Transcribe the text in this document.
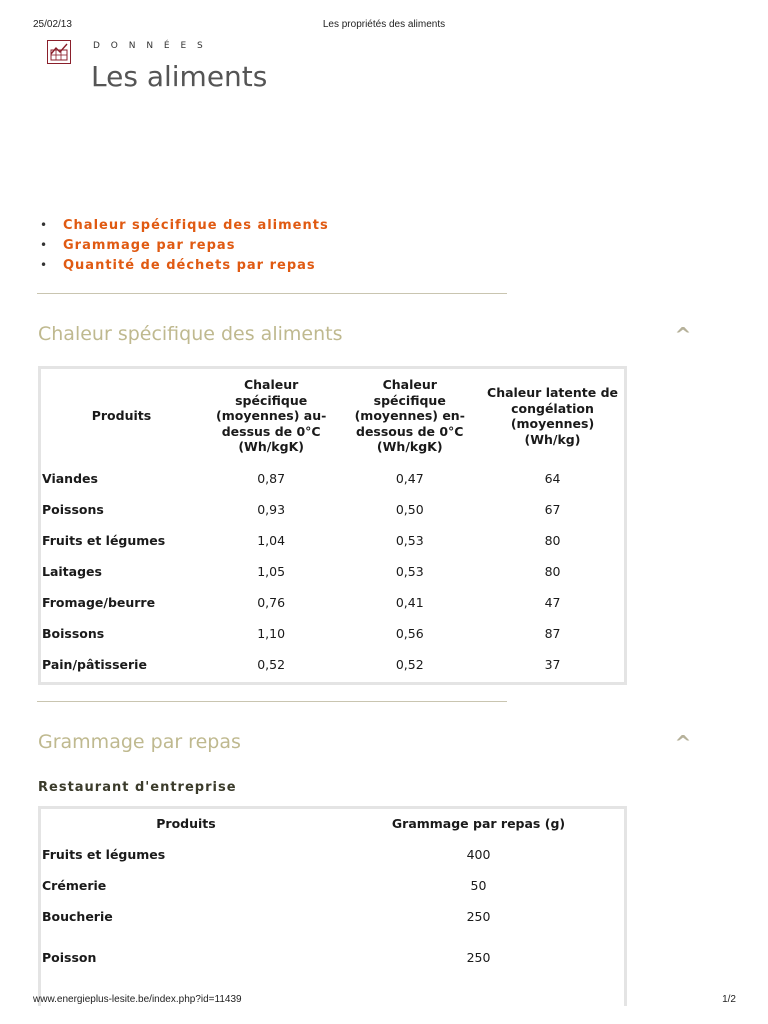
25/02/13	Les propriétés des aliments
D O N N É E S
Les aliments
• Chaleur spécifique des aliments
• Grammage par repas
• Quantité de déchets par repas
Chaleur spécifique des aliments	^
Produits	Chaleur spécifique (moyennes) au-dessus de 0°C (Wh/kgK)	Chaleur spécifique (moyennes) en-dessous de 0°C (Wh/kgK)	Chaleur latente de congélation (moyennes) (Wh/kg)
Viandes	0,87	0,47	64
Poissons	0,93	0,50	67
Fruits et légumes	1,04	0,53	80
Laitages	1,05	0,53	80
Fromage/beurre	0,76	0,41	47
Boissons	1,10	0,56	87
Pain/pâtisserie	0,52	0,52	37
Grammage par repas	^
Restaurant d'entreprise
Produits	Grammage par repas (g)
Fruits et légumes	400
Crémerie	50
Boucherie	250
Poisson	250
www.energieplus-lesite.be/index.php?id=11439	1/2
